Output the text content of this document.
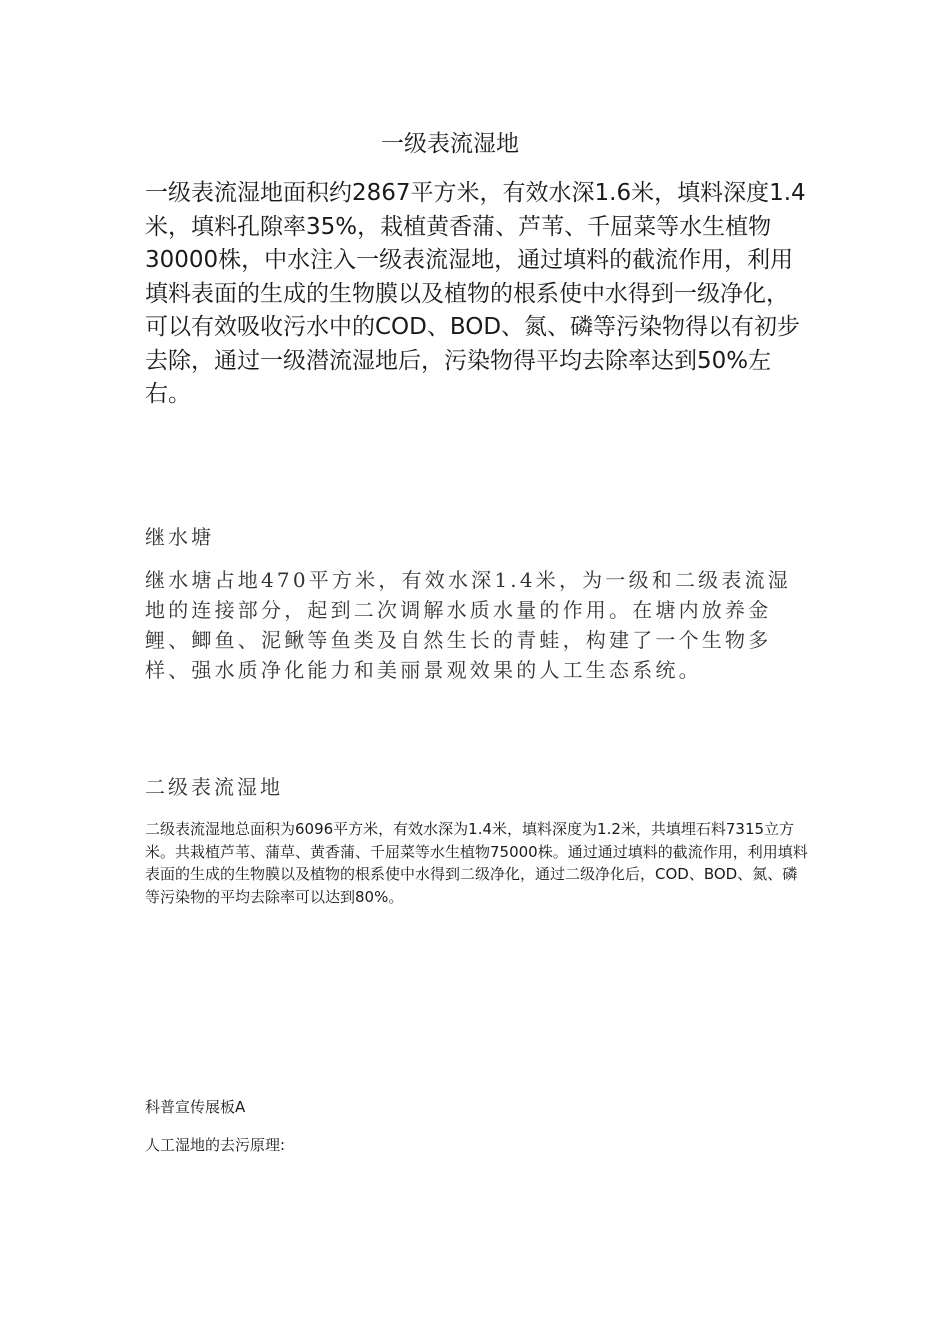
一级表流湿地

一级表流湿地面积约2867平方米，有效水深1.6米，填料深度1.4米，填料孔隙率35%，栽植黄香蒲、芦苇、千屈菜等水生植物30000株，中水注入一级表流湿地，通过填料的截流作用，利用填料表面的生成的生物膜以及植物的根系使中水得到一级净化，可以有效吸收污水中的COD、BOD、氮、磷等污染物得以有初步去除，通过一级潜流湿地后，污染物得平均去除率达到50%左右。

继水塘

继水塘占地470平方米，有效水深1.4米，为一级和二级表流湿地的连接部分，起到二次调解水质水量的作用。在塘内放养金鲤、鲫鱼、泥鳅等鱼类及自然生长的青蛙，构建了一个生物多样、强水质净化能力和美丽景观效果的人工生态系统。

二级表流湿地

二级表流湿地总面积为6096平方米，有效水深为1.4米，填料深度为1.2米，共填埋石料7315立方米。共栽植芦苇、蒲草、黄香蒲、千屈菜等水生植物75000株。通过通过填料的截流作用，利用填料表面的生成的生物膜以及植物的根系使中水得到二级净化，通过二级净化后，COD、BOD、氮、磷等污染物的平均去除率可以达到80%。

科普宣传展板A

人工湿地的去污原理:
